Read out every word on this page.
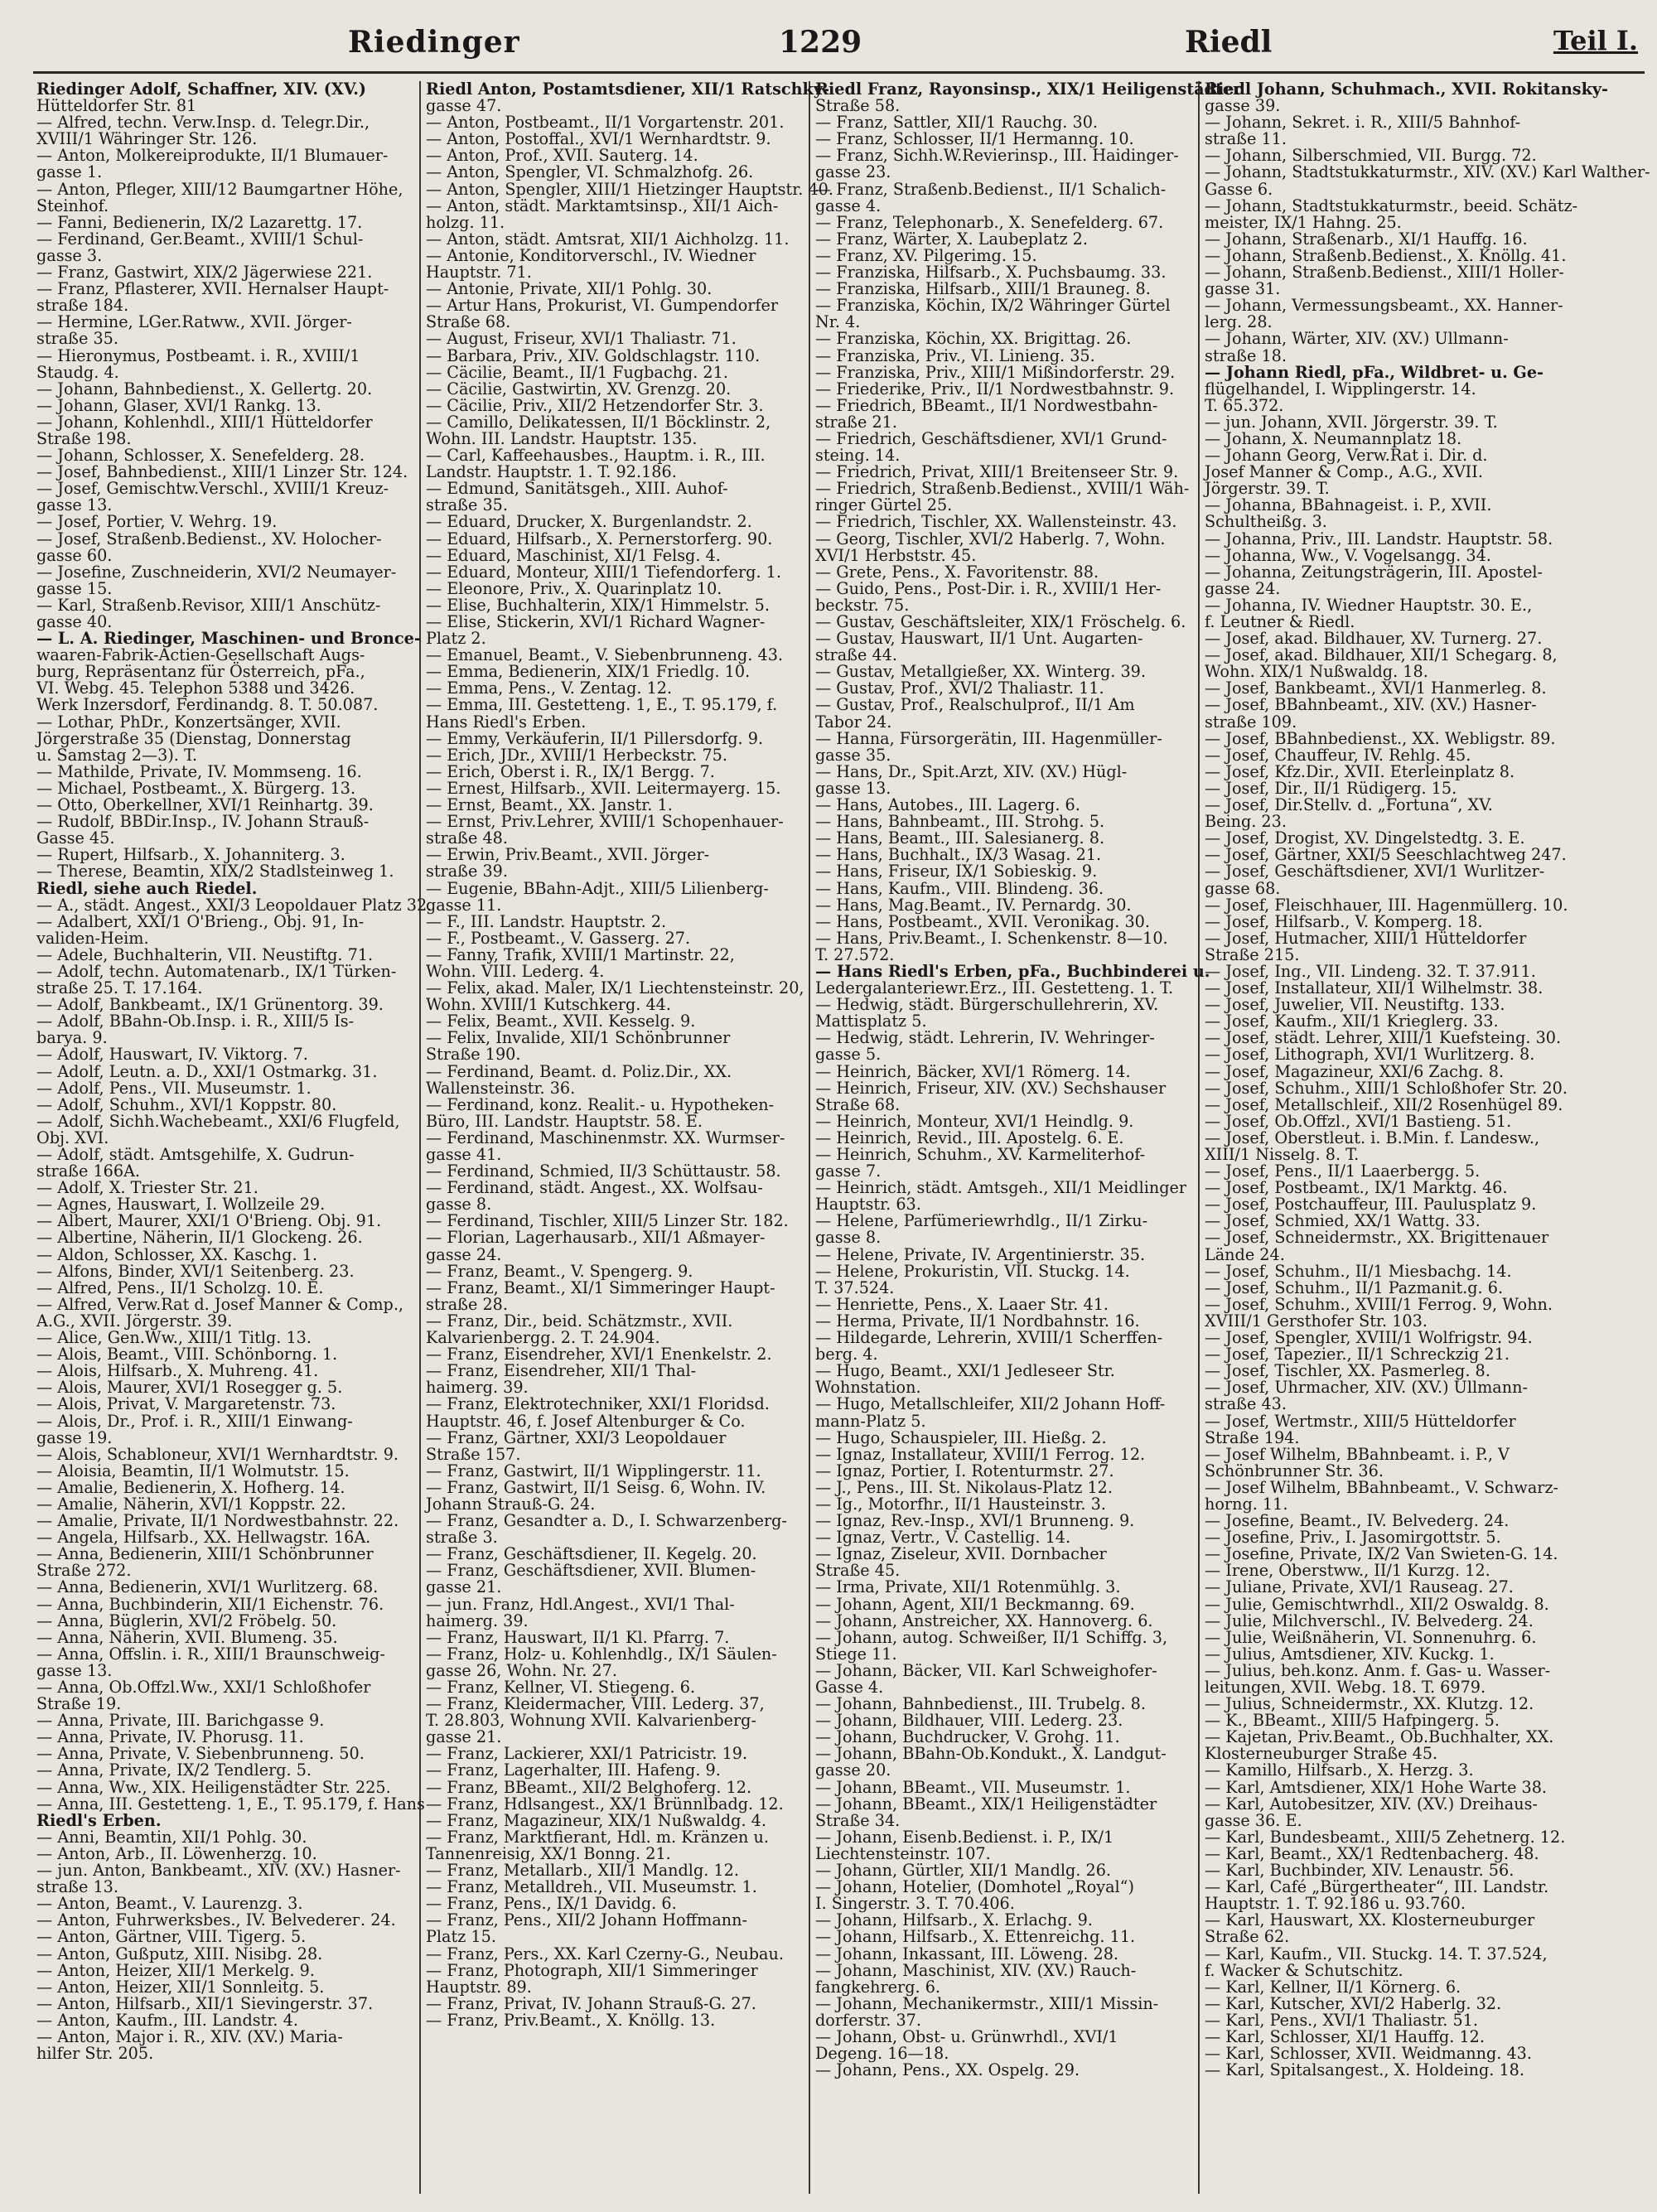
Riedinger	1229	Riedl	Teil I.

Riedinger Adolf, Schaffner, XIV. (XV.)

Hütteldorfer Str. 81

— Alfred, techn. Verw.Insp. d. Telegr.Dir.,

XVIII/1 Währinger Str. 126.

— Anton, Molkereiprodukte, II/1 Blumauer-

gasse 1.

— Anton, Pfleger, XIII/12 Baumgartner Höhe,

Steinhof.

— Fanni, Bedienerin, IX/2 Lazarettg. 17.

— Ferdinand, Ger.Beamt., XVIII/1 Schul-

gasse 3.

— Franz, Gastwirt, XIX/2 Jägerwiese 221.

— Franz, Pflasterer, XVII. Hernalser Haupt-

straße 184.

— Hermine, LGer.Ratww., XVII. Jörger-

straße 35.

— Hieronymus, Postbeamt. i. R., XVIII/1

Staudg. 4.

— Johann, Bahnbedienst., X. Gellertg. 20.

— Johann, Glaser, XVI/1 Rankg. 13.

— Johann, Kohlenhdl., XIII/1 Hütteldorfer

Straße 198.

— Johann, Schlosser, X. Senefelderg. 28.

— Josef, Bahnbedienst., XIII/1 Linzer Str. 124.

— Josef, Gemischtw.Verschl., XVIII/1 Kreuz-

gasse 13.

— Josef, Portier, V. Wehrg. 19.

— Josef, Straßenb.Bedienst., XV. Holocher-

gasse 60.

— Josefine, Zuschneiderin, XVI/2 Neumayer-

gasse 15.

— Karl, Straßenb.Revisor, XIII/1 Anschütz-

gasse 40.

— L. A. Riedinger, Maschinen- und Bronce-

waaren-Fabrik-Actien-Gesellschaft Augs-

burg, Repräsentanz für Österreich, pFa.,

VI. Webg. 45. Telephon 5388 und 3426.

Werk Inzersdorf, Ferdinandg. 8. T. 50.087.

— Lothar, PhDr., Konzertsänger, XVII.

Jörgerstraße 35 (Dienstag, Donnerstag

u. Samstag 2—3). T.

— Mathilde, Private, IV. Mommseng. 16.

— Michael, Postbeamt., X. Bürgerg. 13.

— Otto, Oberkellner, XVI/1 Reinhartg. 39.

— Rudolf, BBDir.Insp., IV. Johann Strauß-

Gasse 45.

— Rupert, Hilfsarb., X. Johanniterg. 3.

— Therese, Beamtin, XIX/2 Stadlsteinweg 1.

Riedl, siehe auch Riedel.

— A., städt. Angest., XXI/3 Leopoldauer Platz 32.

— Adalbert, XXI/1 O'Brieng., Obj. 91, In-

validen-Heim.

— Adele, Buchhalterin, VII. Neustiftg. 71.

— Adolf, techn. Automatenarb., IX/1 Türken-

straße 25. T. 17.164.

— Adolf, Bankbeamt., IX/1 Grünentorg. 39.

— Adolf, BBahn-Ob.Insp. i. R., XIII/5 Is-

barya. 9.

— Adolf, Hauswart, IV. Viktorg. 7.

— Adolf, Leutn. a. D., XXI/1 Ostmarkg. 31.

— Adolf, Pens., VII. Museumstr. 1.

— Adolf, Schuhm., XVI/1 Koppstr. 80.

— Adolf, Sichh.Wachebeamt., XXI/6 Flugfeld,

Obj. XVI.

— Adolf, städt. Amtsgehilfe, X. Gudrun-

straße 166A.

— Adolf, X. Triester Str. 21.

— Agnes, Hauswart, I. Wollzeile 29.

— Albert, Maurer, XXI/1 O'Brieng. Obj. 91.

— Albertine, Näherin, II/1 Glockeng. 26.

— Aldon, Schlosser, XX. Kaschg. 1.

— Alfons, Binder, XVI/1 Seitenberg. 23.

— Alfred, Pens., II/1 Scholzg. 10. E.

— Alfred, Verw.Rat d. Josef Manner & Comp.,

A.G., XVII. Jörgerstr. 39.

— Alice, Gen.Ww., XIII/1 Titlg. 13.

— Alois, Beamt., VIII. Schönborng. 1.

— Alois, Hilfsarb., X. Muhreng. 41.

— Alois, Maurer, XVI/1 Rosegger g. 5.

— Alois, Privat, V. Margaretenstr. 73.

— Alois, Dr., Prof. i. R., XIII/1 Einwang-

gasse 19.

— Alois, Schabloneur, XVI/1 Wernhardtstr. 9.

— Aloisia, Beamtin, II/1 Wolmutstr. 15.

— Amalie, Bedienerin, X. Hofherg. 14.

— Amalie, Näherin, XVI/1 Koppstr. 22.

— Amalie, Private, II/1 Nordwestbahnstr. 22.

— Angela, Hilfsarb., XX. Hellwagstr. 16A.

— Anna, Bedienerin, XIII/1 Schönbrunner

Straße 272.

— Anna, Bedienerin, XVI/1 Wurlitzerg. 68.

— Anna, Buchbinderin, XII/1 Eichenstr. 76.

— Anna, Büglerin, XVI/2 Fröbelg. 50.

— Anna, Näherin, XVII. Blumeng. 35.

— Anna, Offslin. i. R., XIII/1 Braunschweig-

gasse 13.

— Anna, Ob.Offzl.Ww., XXI/1 Schloßhofer

Straße 19.

— Anna, Private, III. Barichgasse 9.

— Anna, Private, IV. Phorusg. 11.

— Anna, Private, V. Siebenbrunneng. 50.

— Anna, Private, IX/2 Tendlerg. 5.

— Anna, Ww., XIX. Heiligenstädter Str. 225.

— Anna, III. Gestetteng. 1, E., T. 95.179, f. Hans

Riedl's Erben.

— Anni, Beamtin, XII/1 Pohlg. 30.

— Anton, Arb., II. Löwenherzg. 10.

— jun. Anton, Bankbeamt., XIV. (XV.) Hasner-

straße 13.

— Anton, Beamt., V. Laurenzg. 3.

— Anton, Fuhrwerksbes., IV. Belvederег. 24.

— Anton, Gärtner, VIII. Tigerg. 5.

— Anton, Gußputz, XIII. Nisibg. 28.

— Anton, Heizer, XII/1 Merkelg. 9.

— Anton, Heizer, XII/1 Sonnleitg. 5.

— Anton, Hilfsarb., XII/1 Sievingerstr. 37.

— Anton, Kaufm., III. Landstr. 4.

— Anton, Major i. R., XIV. (XV.) Maria-

hilfer Str. 205.

Riedl Anton, Postamtsdiener, XII/1 Ratschky-

gasse 47.

— Anton, Postbeamt., II/1 Vorgartenstr. 201.

— Anton, Postoffal., XVI/1 Wernhardtstr. 9.

— Anton, Prof., XVII. Sauterg. 14.

— Anton, Spengler, VI. Schmalzhofg. 26.

— Anton, Spengler, XIII/1 Hietzinger Hauptstr. 40.

— Anton, städt. Marktamtsinsp., XII/1 Aich-

holzg. 11.

— Anton, städt. Amtsrat, XII/1 Aichholzg. 11.

— Antonie, Konditorverschl., IV. Wiedner

Hauptstr. 71.

— Antonie, Private, XII/1 Pohlg. 30.

— Artur Hans, Prokurist, VI. Gumpendorfer

Straße 68.

— August, Friseur, XVI/1 Thaliastr. 71.

— Barbara, Priv., XIV. Goldschlagstr. 110.

— Cäcilie, Beamt., II/1 Fugbachg. 21.

— Cäcilie, Gastwirtin, XV. Grenzg. 20.

— Cäcilie, Priv., XII/2 Hetzendorfer Str. 3.

— Camillo, Delikatessen, II/1 Böcklinstr. 2,

Wohn. III. Landstr. Hauptstr. 135.

— Carl, Kaffeehausbes., Hauptm. i. R., III.

Landstr. Hauptstr. 1. T. 92.186.

— Edmund, Sanitätsgeh., XIII. Auhof-

straße 35.

— Eduard, Drucker, X. Burgenlandstr. 2.

— Eduard, Hilfsarb., X. Pernerstorferg. 90.

— Eduard, Maschinist, XI/1 Felsg. 4.

— Eduard, Monteur, XIII/1 Tiefendorferg. 1.

— Eleonore, Priv., X. Quarinplatz 10.

— Elise, Buchhalterin, XIX/1 Himmelstr. 5.

— Elise, Stickerin, XVI/1 Richard Wagner-

Platz 2.

— Emanuel, Beamt., V. Siebenbrunneng. 43.

— Emma, Bedienerin, XIX/1 Friedlg. 10.

— Emma, Pens., V. Zentag. 12.

— Emma, III. Gestetteng. 1, E., T. 95.179, f.

Hans Riedl's Erben.

— Emmy, Verkäuferin, II/1 Pillersdorfg. 9.

— Erich, JDr., XVIII/1 Herbeckstr. 75.

— Erich, Oberst i. R., IX/1 Bergg. 7.

— Ernest, Hilfsarb., XVII. Leitermayerg. 15.

— Ernst, Beamt., XX. Janstr. 1.

— Ernst, Priv.Lehrer, XVIII/1 Schopenhauer-

straße 48.

— Erwin, Priv.Beamt., XVII. Jörger-

straße 39.

— Eugenie, BBahn-Adjt., XIII/5 Lilienberg-

gasse 11.

— F., III. Landstr. Hauptstr. 2.

— F., Postbeamt., V. Gasserg. 27.

— Fanny, Trafik, XVIII/1 Martinstr. 22,

Wohn. VIII. Lederg. 4.

— Felix, akad. Maler, IX/1 Liechtensteinstr. 20,

Wohn. XVIII/1 Kutschkerg. 44.

— Felix, Beamt., XVII. Kesselg. 9.

— Felix, Invalide, XII/1 Schönbrunner

Straße 190.

— Ferdinand, Beamt. d. Poliz.Dir., XX.

Wallensteinstr. 36.

— Ferdinand, konz. Realit.- u. Hypotheken-

Büro, III. Landstr. Hauptstr. 58. E.

— Ferdinand, Maschinenmstr. XX. Wurmser-

gasse 41.

— Ferdinand, Schmied, II/3 Schüttaustr. 58.

— Ferdinand, städt. Angest., XX. Wolfsau-

gasse 8.

— Ferdinand, Tischler, XIII/5 Linzer Str. 182.

— Florian, Lagerhausarb., XII/1 Aßmayer-

gasse 24.

— Franz, Beamt., V. Spengerg. 9.

— Franz, Beamt., XI/1 Simmeringer Haupt-

straße 28.

— Franz, Dir., beid. Schätzmstr., XVII.

Kalvarienbergg. 2. T. 24.904.

— Franz, Eisendreher, XVI/1 Enenkelstr. 2.

— Franz, Eisendreher, XII/1 Thal-

haimerg. 39.

— Franz, Elektrotechniker, XXI/1 Floridsd.

Hauptstr. 46, f. Josef Altenburger & Co.

— Franz, Gärtner, XXI/3 Leopoldauer

Straße 157.

— Franz, Gastwirt, II/1 Wipplingerstr. 11.

— Franz, Gastwirt, II/1 Seisg. 6, Wohn. IV.

Johann Strauß-G. 24.

— Franz, Gesandter a. D., I. Schwarzenberg-

straße 3.

— Franz, Geschäftsdiener, II. Kegelg. 20.

— Franz, Geschäftsdiener, XVII. Blumen-

gasse 21.

— jun. Franz, Hdl.Angest., XVI/1 Thal-

haimerg. 39.

— Franz, Hauswart, II/1 Kl. Pfarrg. 7.

— Franz, Holz- u. Kohlenhdlg., IX/1 Säulen-

gasse 26, Wohn. Nr. 27.

— Franz, Kellner, VI. Stiegeng. 6.

— Franz, Kleidermacher, VIII. Lederg. 37,

T. 28.803, Wohnung XVII. Kalvarienberg-

gasse 21.

— Franz, Lackierer, XXI/1 Patricistr. 19.

— Franz, Lagerhalter, III. Hafeng. 9.

— Franz, BBeamt., XII/2 Belghoferg. 12.

— Franz, Hdlsangest., XX/1 Brünnlbadg. 12.

— Franz, Magazineur, XIX/1 Nußwaldg. 4.

— Franz, Marktfierant, Hdl. m. Kränzen u.

Tannenreisig, XX/1 Bonng. 21.

— Franz, Metallarb., XII/1 Mandlg. 12.

— Franz, Metalldreh., VII. Museumstr. 1.

— Franz, Pens., IX/1 Davidg. 6.

— Franz, Pens., XII/2 Johann Hoffmann-

Platz 15.

— Franz, Pers., XX. Karl Czerny-G., Neubau.

— Franz, Photograph, XII/1 Simmeringer

Hauptstr. 89.

— Franz, Privat, IV. Johann Strauß-G. 27.

— Franz, Priv.Beamt., X. Knöllg. 13.

Riedl Franz, Rayonsinsp., XIX/1 Heiligenstädter

Straße 58.

— Franz, Sattler, XII/1 Rauchg. 30.

— Franz, Schlosser, II/1 Hermanng. 10.

— Franz, Sichh.W.Revierinsp., III. Haidinger-

gasse 23.

— Franz, Straßenb.Bedienst., II/1 Schalich-

gasse 4.

— Franz, Telephonarb., X. Senefelderg. 67.

— Franz, Wärter, X. Laubeplatz 2.

— Franz, XV. Pilgerimg. 15.

— Franziska, Hilfsarb., X. Puchsbaumg. 33.

— Franziska, Hilfsarb., XIII/1 Brauneg. 8.

— Franziska, Köchin, IX/2 Währinger Gürtel

Nr. 4.

— Franziska, Köchin, XX. Brigittag. 26.

— Franziska, Priv., VI. Linieng. 35.

— Franziska, Priv., XIII/1 Mißindorferstr. 29.

— Friederike, Priv., II/1 Nordwestbahnstr. 9.

— Friedrich, BBeamt., II/1 Nordwestbahn-

straße 21.

— Friedrich, Geschäftsdiener, XVI/1 Grund-

steing. 14.

— Friedrich, Privat, XIII/1 Breitenseer Str. 9.

— Friedrich, Straßenb.Bedienst., XVIII/1 Wäh-

ringer Gürtel 25.

— Friedrich, Tischler, XX. Wallensteinstr. 43.

— Georg, Tischler, XVI/2 Haberlg. 7, Wohn.

XVI/1 Herbststr. 45.

— Grete, Pens., X. Favoritenstr. 88.

— Guido, Pens., Post-Dir. i. R., XVIII/1 Her-

beckstr. 75.

— Gustav, Geschäftsleiter, XIX/1 Fröschelg. 6.

— Gustav, Hauswart, II/1 Unt. Augarten-

straße 44.

— Gustav, Metallgießer, XX. Winterg. 39.

— Gustav, Prof., XVI/2 Thaliastr. 11.

— Gustav, Prof., Realschulprof., II/1 Am

Tabor 24.

— Hanna, Fürsorgerätin, III. Hagenmüller-

gasse 35.

— Hans, Dr., Spit.Arzt, XIV. (XV.) Hügl-

gasse 13.

— Hans, Autobes., III. Lagerg. 6.

— Hans, Bahnbeamt., III. Strohg. 5.

— Hans, Beamt., III. Salesianerg. 8.

— Hans, Buchhalt., IX/3 Wasag. 21.

— Hans, Friseur, IX/1 Sobieskig. 9.

— Hans, Kaufm., VIII. Blindeng. 36.

— Hans, Mag.Beamt., IV. Pernardg. 30.

— Hans, Postbeamt., XVII. Veronikag. 30.

— Hans, Priv.Beamt., I. Schenkenstr. 8—10.

T. 27.572.

— Hans Riedl's Erben, pFa., Buchbinderei u.

Ledergalanteriewr.Erz., III. Gestetteng. 1. T.

— Hedwig, städt. Bürgerschullehrerin, XV.

Mattisplatz 5.

— Hedwig, städt. Lehrerin, IV. Wehringer-

gasse 5.

— Heinrich, Bäcker, XVI/1 Römerg. 14.

— Heinrich, Friseur, XIV. (XV.) Sechshauser

Straße 68.

— Heinrich, Monteur, XVI/1 Heindlg. 9.

— Heinrich, Revid., III. Apostelg. 6. E.

— Heinrich, Schuhm., XV. Karmeliterhof-

gasse 7.

— Heinrich, städt. Amtsgeh., XII/1 Meidlinger

Hauptstr. 63.

— Helene, Parfümeriewrhdlg., II/1 Zirku-

gasse 8.

— Helene, Private, IV. Argentinierstr. 35.

— Helene, Prokuristin, VII. Stuckg. 14.

T. 37.524.

— Henriette, Pens., X. Laaer Str. 41.

— Herma, Private, II/1 Nordbahnstr. 16.

— Hildegarde, Lehrerin, XVIII/1 Scherffen-

berg. 4.

— Hugo, Beamt., XXI/1 Jedleseer Str.

Wohnstation.

— Hugo, Metallschleifer, XII/2 Johann Hoff-

mann-Platz 5.

— Hugo, Schauspieler, III. Hießg. 2.

— Ignaz, Installateur, XVIII/1 Ferrog. 12.

— Ignaz, Portier, I. Rotenturmstr. 27.

— J., Pens., III. St. Nikolaus-Platz 12.

— Ig., Motorfhr., II/1 Hausteinstr. 3.

— Ignaz, Rev.-Insp., XVI/1 Brunneng. 9.

— Ignaz, Vertr., V. Castellig. 14.

— Ignaz, Ziseleur, XVII. Dornbacher

Straße 45.

— Irma, Private, XII/1 Rotenmühlg. 3.

— Johann, Agent, XII/1 Beckmanng. 69.

— Johann, Anstreicher, XX. Hannoverg. 6.

— Johann, autog. Schweißer, II/1 Schiffg. 3,

Stiege 11.

— Johann, Bäcker, VII. Karl Schweighofer-

Gasse 4.

— Johann, Bahnbedienst., III. Trubelg. 8.

— Johann, Bildhauer, VIII. Lederg. 23.

— Johann, Buchdrucker, V. Grohg. 11.

— Johann, BBahn-Ob.Kondukt., X. Landgut-

gasse 20.

— Johann, BBeamt., VII. Museumstr. 1.

— Johann, BBeamt., XIX/1 Heiligenstädter

Straße 34.

— Johann, Eisenb.Bedienst. i. P., IX/1

Liechtensteinstr. 107.

— Johann, Gürtler, XII/1 Mandlg. 26.

— Johann, Hotelier, (Domhotel „Royal“)

I. Singerstr. 3. T. 70.406.

— Johann, Hilfsarb., X. Erlachg. 9.

— Johann, Hilfsarb., X. Ettenreichg. 11.

— Johann, Inkassant, III. Löweng. 28.

— Johann, Maschinist, XIV. (XV.) Rauch-

fangkehrerg. 6.

— Johann, Mechanikermstr., XIII/1 Missin-

dorferstr. 37.

— Johann, Obst- u. Grünwrhdl., XVI/1

Degeng. 16—18.

— Johann, Pens., XX. Ospelg. 29.

Riedl Johann, Schuhmach., XVII. Rokitansky-

gasse 39.

— Johann, Sekret. i. R., XIII/5 Bahnhof-

straße 11.

— Johann, Silberschmied, VII. Burgg. 72.

— Johann, Stadtstukkaturmstr., XIV. (XV.) Karl Walther-

Gasse 6.

— Johann, Stadtstukkaturmstr., beeid. Schätz-

meister, IX/1 Hahng. 25.

— Johann, Straßenarb., XI/1 Hauffg. 16.

— Johann, Straßenb.Bedienst., X. Knöllg. 41.

— Johann, Straßenb.Bedienst., XIII/1 Holler-

gasse 31.

— Johann, Vermessungsbeamt., XX. Hanner-

lerg. 28.

— Johann, Wärter, XIV. (XV.) Ullmann-

straße 18.

— Johann Riedl, pFa., Wildbret- u. Ge-

flügelhandel, I. Wipplingerstr. 14.

T. 65.372.

— jun. Johann, XVII. Jörgerstr. 39. T.

— Johann, X. Neumannplatz 18.

— Johann Georg, Verw.Rat i. Dir. d.

Josef Manner & Comp., A.G., XVII.

Jörgerstr. 39. T.

— Johanna, BBahnageist. i. P., XVII.

Schultheißg. 3.

— Johanna, Priv., III. Landstr. Hauptstr. 58.

— Johanna, Ww., V. Vogelsangg. 34.

— Johanna, Zeitungsträgerin, III. Apostel-

gasse 24.

— Johanna, IV. Wiedner Hauptstr. 30. E.,

f. Leutner & Riedl.

— Josef, akad. Bildhauer, XV. Turnerg. 27.

— Josef, akad. Bildhauer, XII/1 Schegarg. 8,

Wohn. XIX/1 Nußwaldg. 18.

— Josef, Bankbeamt., XVI/1 Hanmerleg. 8.

— Josef, BBahnbeamt., XIV. (XV.) Hasner-

straße 109.

— Josef, BBahnbedienst., XX. Webligstr. 89.

— Josef, Chauffeur, IV. Rehlg. 45.

— Josef, Kfz.Dir., XVII. Eterleinplatz 8.

— Josef, Dir., II/1 Rüdigerg. 15.

— Josef, Dir.Stellv. d. „Fortuna“, XV.

Being. 23.

— Josef, Drogist, XV. Dingelstedtg. 3. E.

— Josef, Gärtner, XXI/5 Seeschlachtweg 247.

— Josef, Geschäftsdiener, XVI/1 Wurlitzer-

gasse 68.

— Josef, Fleischhauer, III. Hagenmüllerg. 10.

— Josef, Hilfsarb., V. Komperg. 18.

— Josef, Hutmacher, XIII/1 Hütteldorfer

Straße 215.

— Josef, Ing., VII. Lindeng. 32. T. 37.911.

— Josef, Installateur, XII/1 Wilhelmstr. 38.

— Josef, Juwelier, VII. Neustiftg. 133.

— Josef, Kaufm., XII/1 Krieglerg. 33.

— Josef, städt. Lehrer, XIII/1 Kuefsteing. 30.

— Josef, Lithograph, XVI/1 Wurlitzerg. 8.

— Josef, Magazineur, XXI/6 Zachg. 8.

— Josef, Schuhm., XIII/1 Schloßhofer Str. 20.

— Josef, Metallschleif., XII/2 Rosenhügel 89.

— Josef, Ob.Offzl., XVI/1 Bastieng. 51.

— Josef, Oberstleut. i. B.Min. f. Landesw.,

XIII/1 Nisselg. 8. T.

— Josef, Pens., II/1 Laaerbergg. 5.

— Josef, Postbeamt., IX/1 Marktg. 46.

— Josef, Postchauffeur, III. Paulusplatz 9.

— Josef, Schmied, XX/1 Wattg. 33.

— Josef, Schneidermstr., XX. Brigittenauer

Lände 24.

— Josef, Schuhm., II/1 Miesbachg. 14.

— Josef, Schuhm., II/1 Pazmanit.g. 6.

— Josef, Schuhm., XVIII/1 Ferrog. 9, Wohn.

XVIII/1 Gersthofer Str. 103.

— Josef, Spengler, XVIII/1 Wolfrigstr. 94.

— Josef, Tapezier., II/1 Schreckzig 21.

— Josef, Tischler, XX. Pasmerleg. 8.

— Josef, Uhrmacher, XIV. (XV.) Ullmann-

straße 43.

— Josef, Wertmstr., XIII/5 Hütteldorfer

Straße 194.

— Josef Wilhelm, BBahnbeamt. i. P., V

Schönbrunner Str. 36.

— Josef Wilhelm, BBahnbeamt., V. Schwarz-

horng. 11.

— Josefine, Beamt., IV. Belvederg. 24.

— Josefine, Priv., I. Jasomirgottstr. 5.

— Josefine, Private, IX/2 Van Swieten-G. 14.

— Irene, Oberstww., II/1 Kurzg. 12.

— Juliane, Private, XVI/1 Rauseag. 27.

— Julie, Gemischtwrhdl., XII/2 Oswaldg. 8.

— Julie, Milchverschl., IV. Belvederg. 24.

— Julie, Weißnäherin, VI. Sonnenuhrg. 6.

— Julius, Amtsdiener, XIV. Kuckg. 1.

— Julius, beh.konz. Anm. f. Gas- u. Wasser-

leitungen, XVII. Webg. 18. T. 6979.

— Julius, Schneidermstr., XX. Klutzg. 12.

— K., BBeamt., XIII/5 Hafpingerg. 5.

— Kajetan, Priv.Beamt., Ob.Buchhalter, XX.

Klosterneuburger Straße 45.

— Kamillo, Hilfsarb., X. Herzg. 3.

— Karl, Amtsdiener, XIX/1 Hohe Warte 38.

— Karl, Autobesitzer, XIV. (XV.) Dreihaus-

gasse 36. E.

— Karl, Bundesbeamt., XIII/5 Zehetnerg. 12.

— Karl, Beamt., XX/1 Redtenbacherg. 48.

— Karl, Buchbinder, XIV. Lenaustr. 56.

— Karl, Café „Bürgertheater“, III. Landstr.

Hauptstr. 1. T. 92.186 u. 93.760.

— Karl, Hauswart, XX. Klosterneuburger

Straße 62.

— Karl, Kaufm., VII. Stuckg. 14. T. 37.524,

f. Wacker & Schutschitz.

— Karl, Kellner, II/1 Körnerg. 6.

— Karl, Kutscher, XVI/2 Haberlg. 32.

— Karl, Pens., XVI/1 Thaliastr. 51.

— Karl, Schlosser, XI/1 Hauffg. 12.

— Karl, Schlosser, XVII. Weidmanng. 43.

— Karl, Spitalsangest., X. Holdeing. 18.
